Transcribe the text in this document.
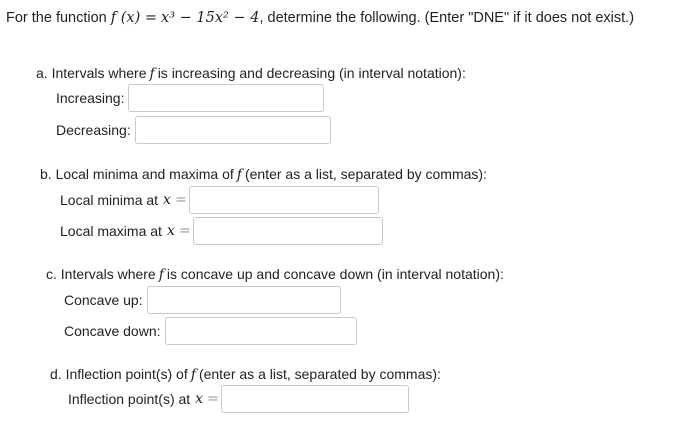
For the function f (x) = x³ − 15x² − 4, determine the following. (Enter "DNE" if it does not exist.)
a. Intervals where f is increasing and decreasing (in interval notation):
Increasing:
Decreasing:
b. Local minima and maxima of f (enter as a list, separated by commas):
Local minima at x =
Local maxima at x =
c. Intervals where f is concave up and concave down (in interval notation):
Concave up:
Concave down:
d. Inflection point(s) of f (enter as a list, separated by commas):
Inflection point(s) at x =
